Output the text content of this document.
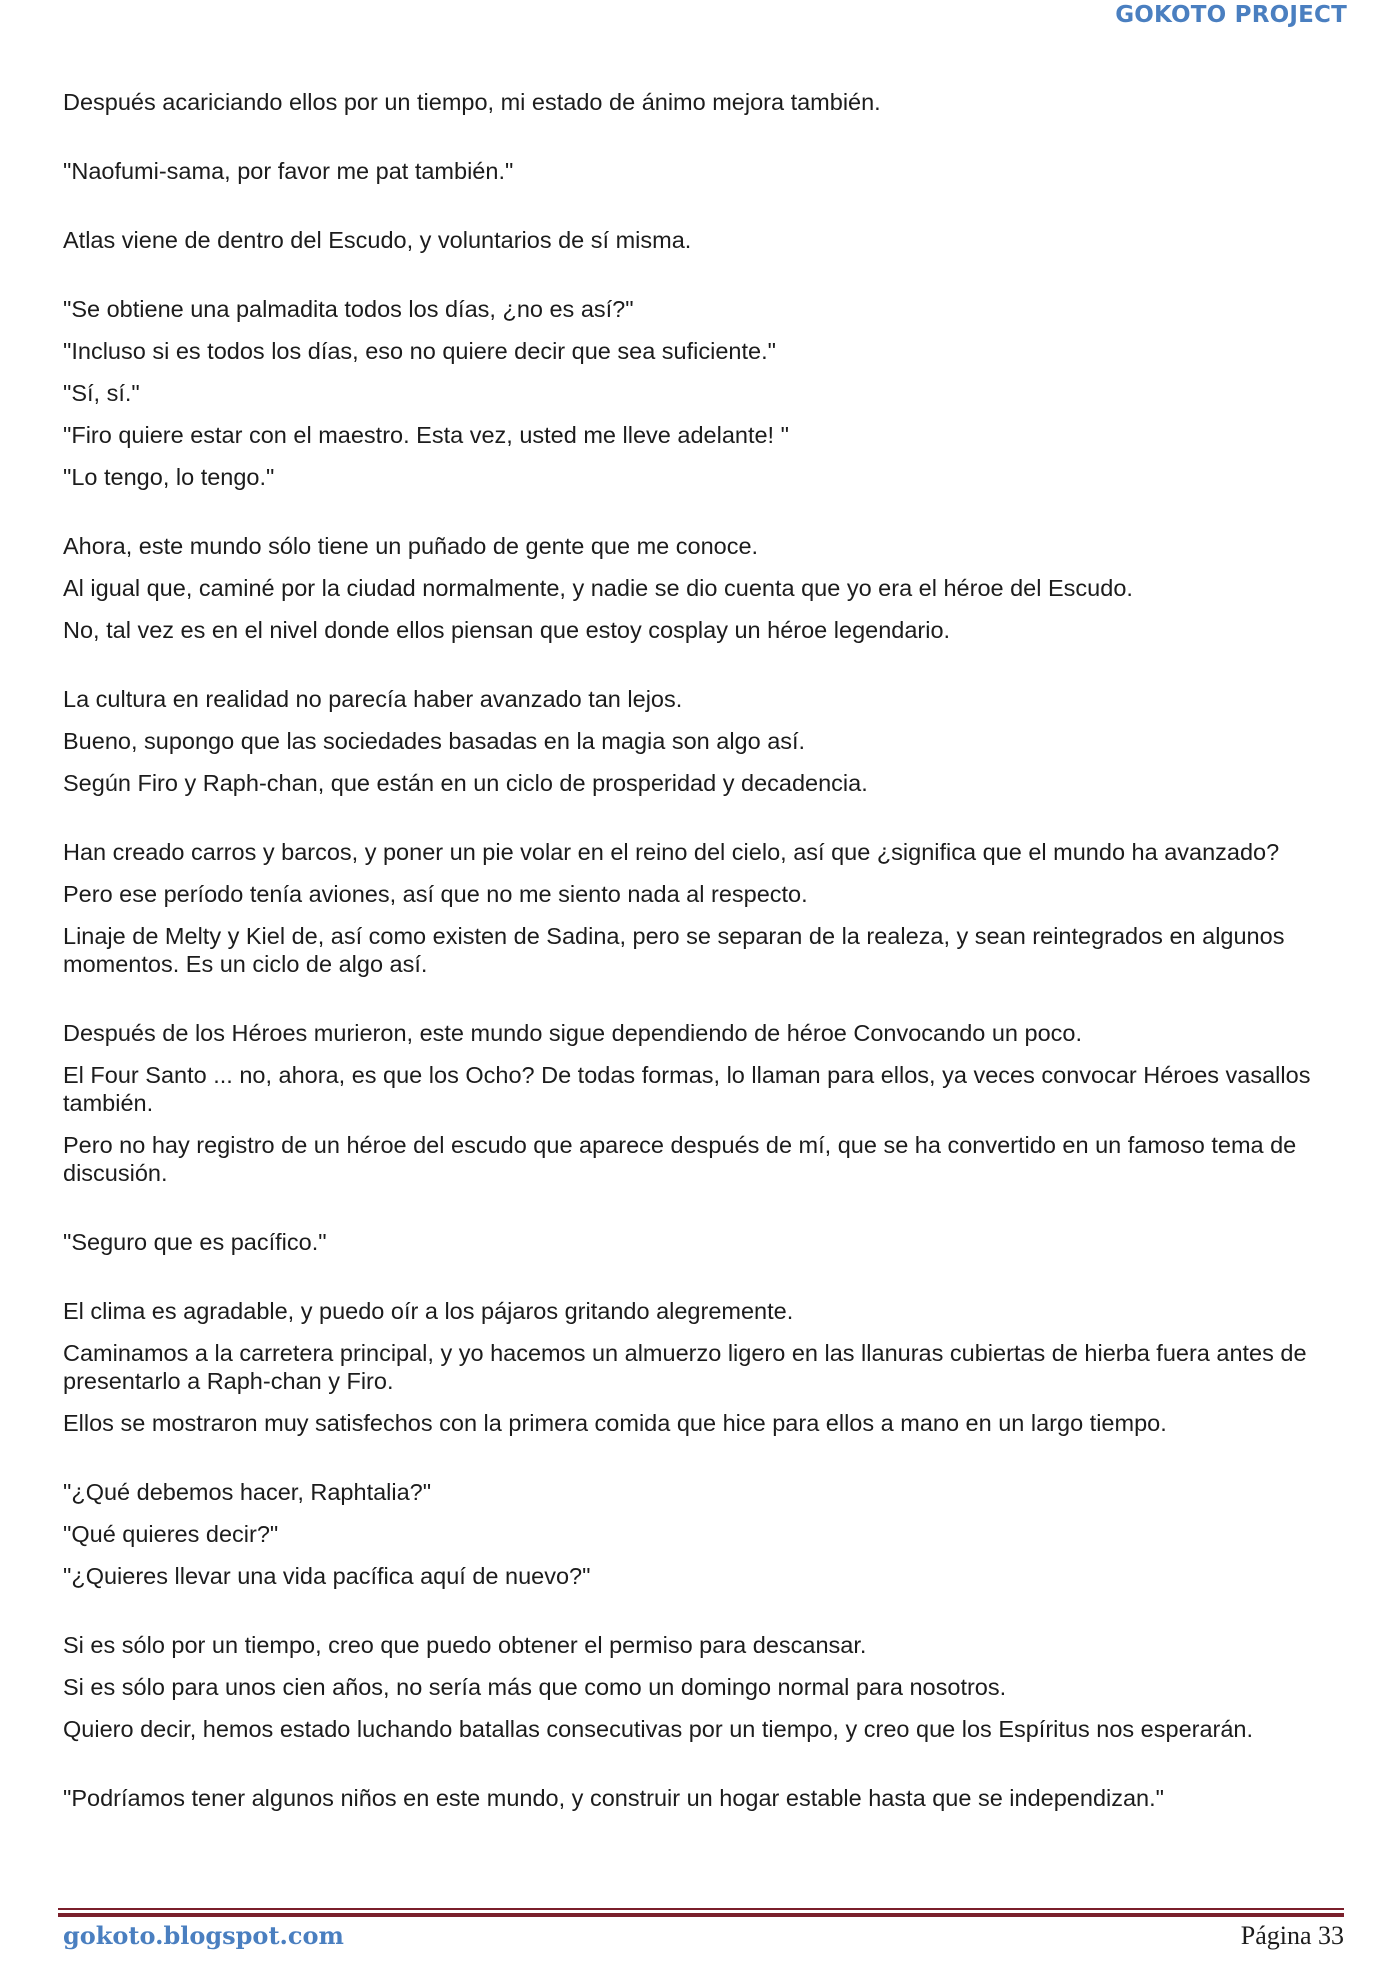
GOKOTO PROJECT
Después acariciando ellos por un tiempo, mi estado de ánimo mejora también.
"Naofumi-sama, por favor me pat también."
Atlas viene de dentro del Escudo, y voluntarios de sí misma.
"Se obtiene una palmadita todos los días, ¿no es así?"
"Incluso si es todos los días, eso no quiere decir que sea suficiente."
"Sí, sí."
"Firo quiere estar con el maestro. Esta vez, usted me lleve adelante! "
"Lo tengo, lo tengo."
Ahora, este mundo sólo tiene un puñado de gente que me conoce.
Al igual que, caminé por la ciudad normalmente, y nadie se dio cuenta que yo era el héroe del Escudo.
No, tal vez es en el nivel donde ellos piensan que estoy cosplay un héroe legendario.
La cultura en realidad no parecía haber avanzado tan lejos.
Bueno, supongo que las sociedades basadas en la magia son algo así.
Según Firo y Raph-chan, que están en un ciclo de prosperidad y decadencia.
Han creado carros y barcos, y poner un pie volar en el reino del cielo, así que ¿significa que el mundo ha avanzado?
Pero ese período tenía aviones, así que no me siento nada al respecto.
Linaje de Melty y Kiel de, así como existen de Sadina, pero se separan de la realeza, y sean reintegrados en algunos momentos. Es un ciclo de algo así.
Después de los Héroes murieron, este mundo sigue dependiendo de héroe Convocando un poco.
El Four Santo ... no, ahora, es que los Ocho? De todas formas, lo llaman para ellos, ya veces convocar Héroes vasallos también.
Pero no hay registro de un héroe del escudo que aparece después de mí, que se ha convertido en un famoso tema de discusión.
"Seguro que es pacífico."
El clima es agradable, y puedo oír a los pájaros gritando alegremente.
Caminamos a la carretera principal, y yo hacemos un almuerzo ligero en las llanuras cubiertas de hierba fuera antes de presentarlo a Raph-chan y Firo.
Ellos se mostraron muy satisfechos con la primera comida que hice para ellos a mano en un largo tiempo.
"¿Qué debemos hacer, Raphtalia?"
"Qué quieres decir?"
"¿Quieres llevar una vida pacífica aquí de nuevo?"
Si es sólo por un tiempo, creo que puedo obtener el permiso para descansar.
Si es sólo para unos cien años, no sería más que como un domingo normal para nosotros.
Quiero decir, hemos estado luchando batallas consecutivas por un tiempo, y creo que los Espíritus nos esperarán.
"Podríamos tener algunos niños en este mundo, y construir un hogar estable hasta que se independizan."
gokoto.blogspot.com	Página 33
